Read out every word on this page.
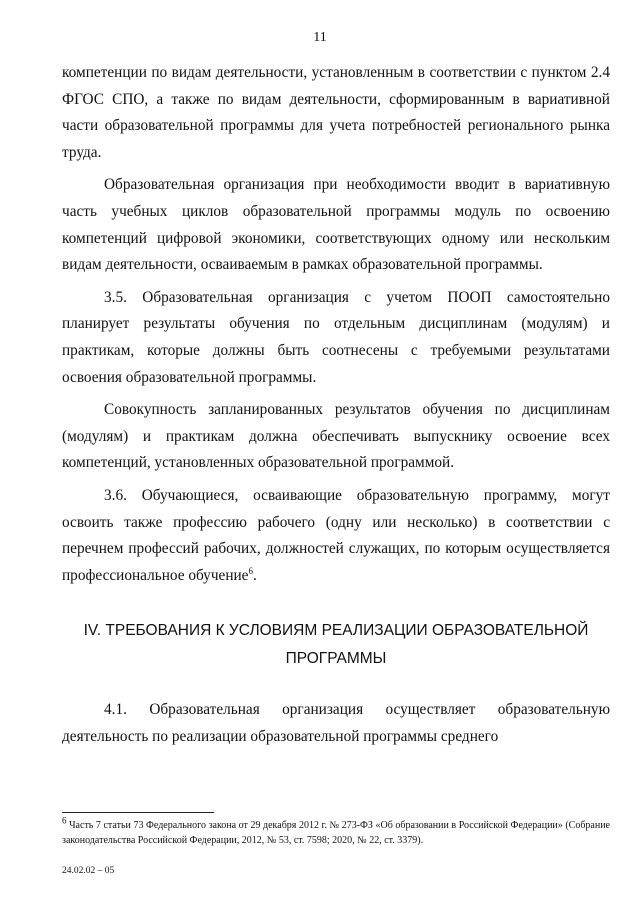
11

компетенции по видам деятельности, установленным в соответствии с пунктом 2.4 ФГОС СПО, а также по видам деятельности, сформированным в вариативной части образовательной программы для учета потребностей регионального рынка труда.

Образовательная организация при необходимости вводит в вариативную часть учебных циклов образовательной программы модуль по освоению компетенций цифровой экономики, соответствующих одному или нескольким видам деятельности, осваиваемым в рамках образовательной программы.

3.5. Образовательная организация с учетом ПООП самостоятельно планирует результаты обучения по отдельным дисциплинам (модулям) и практикам, которые должны быть соотнесены с требуемыми результатами освоения образовательной программы.

Совокупность запланированных результатов обучения по дисциплинам (модулям) и практикам должна обеспечивать выпускнику освоение всех компетенций, установленных образовательной программой.

3.6. Обучающиеся, осваивающие образовательную программу, могут освоить также профессию рабочего (одну или несколько) в соответствии с перечнем профессий рабочих, должностей служащих, по которым осуществляется профессиональное обучение$^6$.

IV. ТРЕБОВАНИЯ К УСЛОВИЯМ РЕАЛИЗАЦИИ ОБРАЗОВАТЕЛЬНОЙ ПРОГРАММЫ

4.1. Образовательная организация осуществляет образовательную деятельность по реализации образовательной программы среднего

$^6$ Часть 7 статьи 73 Федерального закона от 29 декабря 2012 г. № 273-ФЗ «Об образовании в Российской Федерации» (Собрание законодательства Российской Федерации, 2012, № 53, ст. 7598; 2020, № 22, ст. 3379).
24.02.02 – 05
